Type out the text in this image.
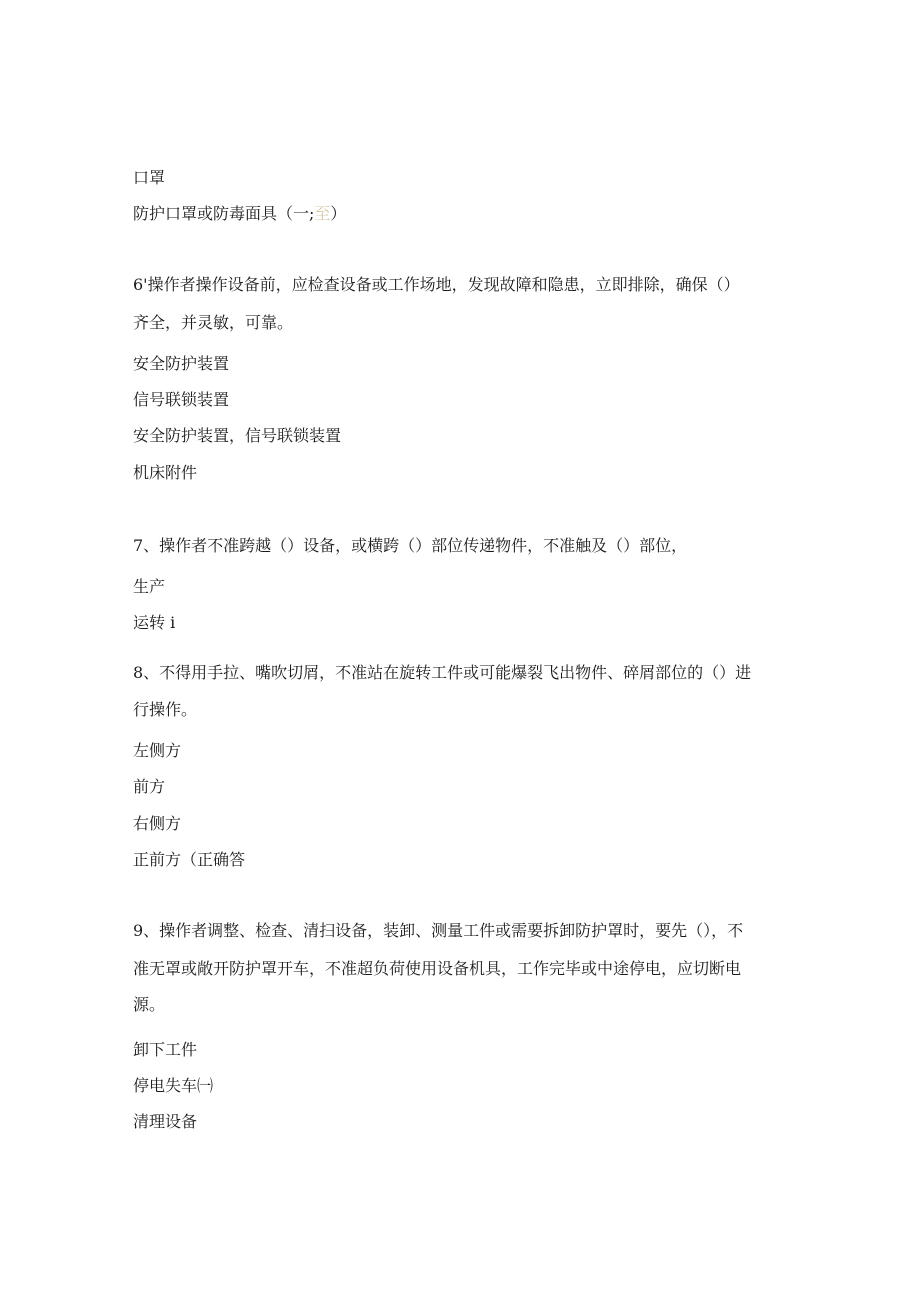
口罩
防护口罩或防毒面具（一;至）
6'操作者操作设备前，应检查设备或工作场地，发现故障和隐患，立即排除，确保（）
齐全，并灵敏，可靠。
安全防护装置
信号联锁装置
安全防护装置，信号联锁装置
机床附件
7、操作者不准跨越（）设备，或横跨（）部位传递物件，不准触及（）部位，
生产
运转 i
8、不得用手拉、嘴吹切屑，不准站在旋转工件或可能爆裂飞出物件、碎屑部位的（）进
行操作。
左侧方
前方
右侧方
正前方（正确答
9、操作者调整、检查、清扫设备，装卸、测量工件或需要拆卸防护罩时，要先（），不
准无罩或敞开防护罩开车，不准超负荷使用设备机具，工作完毕或中途停电，应切断电
源。
卸下工件
停电失车㈠
清理设备
